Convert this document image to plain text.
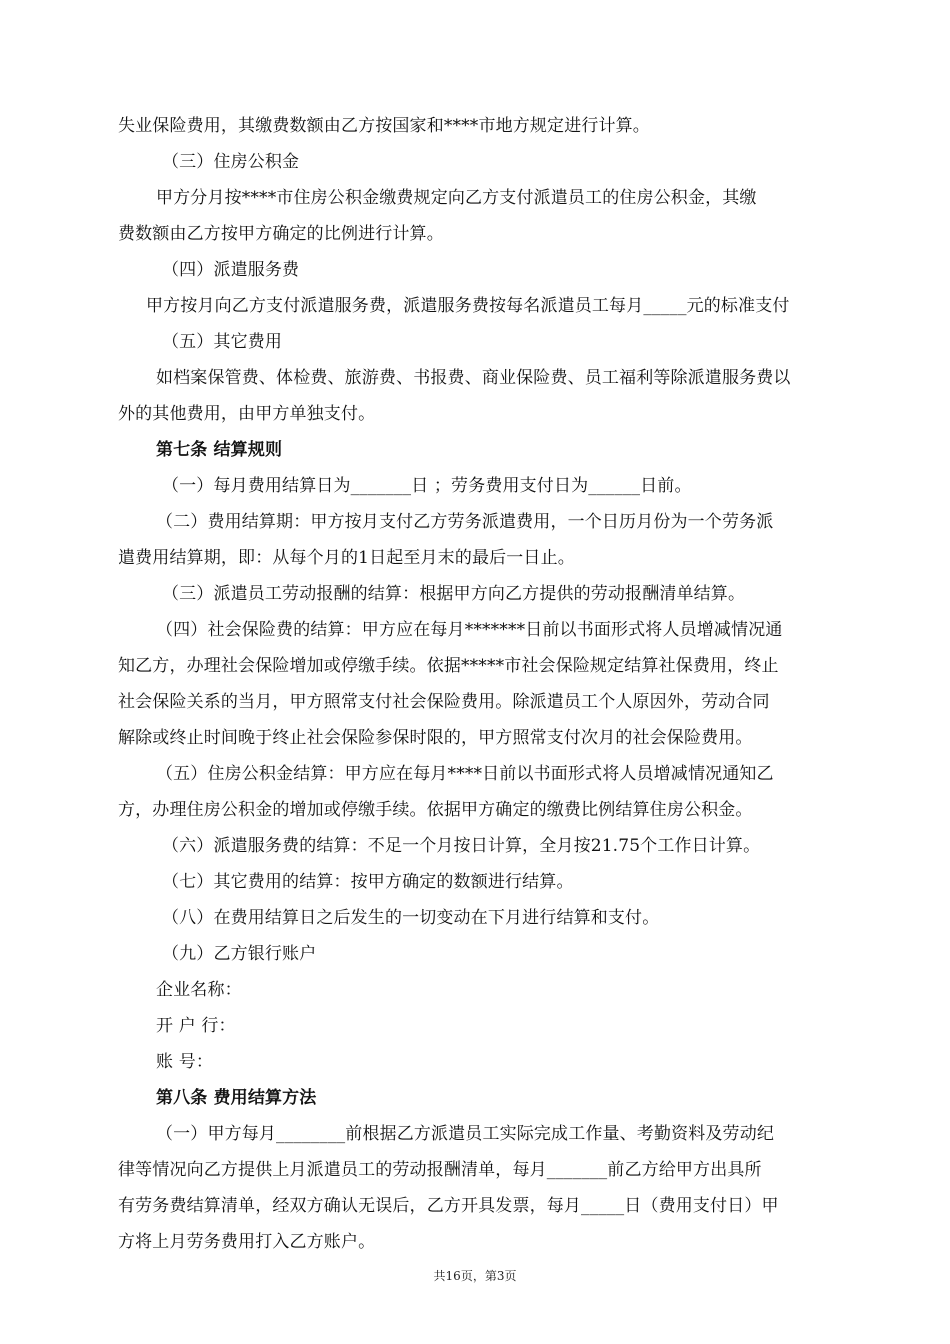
失业保险费用，其缴费数额由乙方按国家和****市地方规定进行计算。
（三）住房公积金
甲方分月按****市住房公积金缴费规定向乙方支付派遣员工的住房公积金，其缴
费数额由乙方按甲方确定的比例进行计算。
（四）派遣服务费
甲方按月向乙方支付派遣服务费，派遣服务费按每名派遣员工每月_____元的标准支付
（五）其它费用
如档案保管费、体检费、旅游费、书报费、商业保险费、员工福利等除派遣服务费以
外的其他费用，由甲方单独支付。
第七条 结算规则
（一）每月费用结算日为_______日 ；劳务费用支付日为______日前。
（二）费用结算期：甲方按月支付乙方劳务派遣费用，一个日历月份为一个劳务派
遣费用结算期，即：从每个月的1日起至月末的最后一日止。
（三）派遣员工劳动报酬的结算：根据甲方向乙方提供的劳动报酬清单结算。
（四）社会保险费的结算：甲方应在每月*******日前以书面形式将人员增减情况通
知乙方，办理社会保险增加或停缴手续。依据*****市社会保险规定结算社保费用，终止
社会保险关系的当月，甲方照常支付社会保险费用。除派遣员工个人原因外，劳动合同
解除或终止时间晚于终止社会保险参保时限的，甲方照常支付次月的社会保险费用。
（五）住房公积金结算：甲方应在每月****日前以书面形式将人员增减情况通知乙
方，办理住房公积金的增加或停缴手续。依据甲方确定的缴费比例结算住房公积金。
（六）派遣服务费的结算：不足一个月按日计算，全月按21.75个工作日计算。
（七）其它费用的结算：按甲方确定的数额进行结算。
（八）在费用结算日之后发生的一切变动在下月进行结算和支付。
（九）乙方银行账户
企业名称：
开 户 行：
账 号：
第八条 费用结算方法
（一）甲方每月________前根据乙方派遣员工实际完成工作量、考勤资料及劳动纪
律等情况向乙方提供上月派遣员工的劳动报酬清单，每月_______前乙方给甲方出具所
有劳务费结算清单，经双方确认无误后，乙方开具发票，每月_____日（费用支付日）甲
方将上月劳务费用打入乙方账户。
共16页，第3页
